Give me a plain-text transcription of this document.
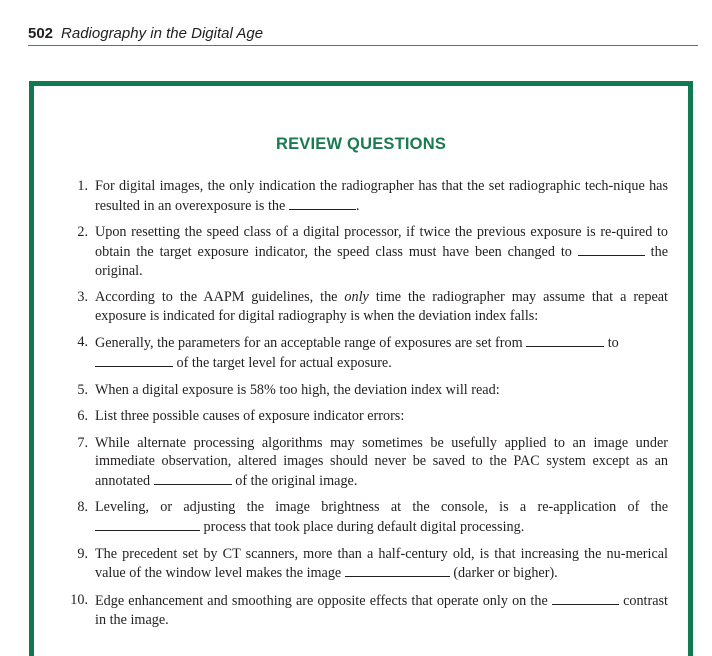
502 Radiography in the Digital Age
REVIEW QUESTIONS
1. For digital images, the only indication the radiographer has that the set radiographic tech-nique has resulted in an overexposure is the	.
2. Upon resetting the speed class of a digital processor, if twice the previous exposure is re-quired to obtain the target exposure indicator, the speed class must have been changed to	the original.
3. According to the AAPM guidelines, the only time the radiographer may assume that a repeat exposure is indicated for digital radiography is when the deviation index falls:
4. Generally, the parameters for an acceptable range of exposures are set from	to
of the target level for actual exposure.
5. When a digital exposure is 58% too high, the deviation index will read:
6. List three possible causes of exposure indicator errors:
7. While alternate processing algorithms may sometimes be usefully applied to an image under immediate observation, altered images should never be saved to the PAC system except as an annotated	of the original image.
8. Leveling, or adjusting the image brightness at the console, is a re-application of the  process that took place during default digital processing.
9. The precedent set by CT scanners, more than a half-century old, is that increasing the nu-merical value of the window level makes the image	(darker or bigher).
10. Edge enhancement and smoothing are opposite effects that operate only on the	contrast in the image.
